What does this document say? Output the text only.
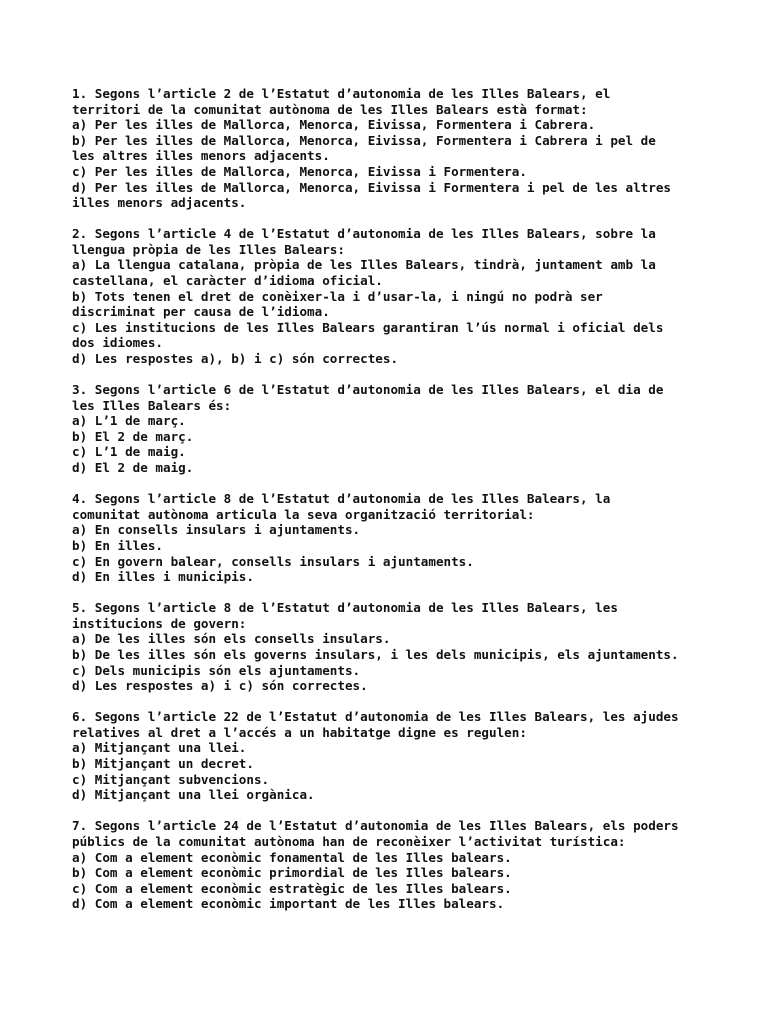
1. Segons l’article 2 de l’Estatut d’autonomia de les Illes Balears, el
territori de la comunitat autònoma de les Illes Balears està format:
a) Per les illes de Mallorca, Menorca, Eivissa, Formentera i Cabrera.
b) Per les illes de Mallorca, Menorca, Eivissa, Formentera i Cabrera i pel de
les altres illes menors adjacents.
c) Per les illes de Mallorca, Menorca, Eivissa i Formentera.
d) Per les illes de Mallorca, Menorca, Eivissa i Formentera i pel de les altres
illes menors adjacents.
2. Segons l’article 4 de l’Estatut d’autonomia de les Illes Balears, sobre la
llengua pròpia de les Illes Balears:
a) La llengua catalana, pròpia de les Illes Balears, tindrà, juntament amb la
castellana, el caràcter d’idioma oficial.
b) Tots tenen el dret de conèixer-la i d’usar-la, i ningú no podrà ser
discriminat per causa de l’idioma.
c) Les institucions de les Illes Balears garantiran l’ús normal i oficial dels
dos idiomes.
d) Les respostes a), b) i c) són correctes.
3. Segons l’article 6 de l’Estatut d’autonomia de les Illes Balears, el dia de
les Illes Balears és:
a) L’1 de març.
b) El 2 de març.
c) L’1 de maig.
d) El 2 de maig.
4. Segons l’article 8 de l’Estatut d’autonomia de les Illes Balears, la
comunitat autònoma articula la seva organització territorial:
a) En consells insulars i ajuntaments.
b) En illes.
c) En govern balear, consells insulars i ajuntaments.
d) En illes i municipis.
5. Segons l’article 8 de l’Estatut d’autonomia de les Illes Balears, les
institucions de govern:
a) De les illes són els consells insulars.
b) De les illes són els governs insulars, i les dels municipis, els ajuntaments.
c) Dels municipis són els ajuntaments.
d) Les respostes a) i c) són correctes.
6. Segons l’article 22 de l’Estatut d’autonomia de les Illes Balears, les ajudes
relatives al dret a l’accés a un habitatge digne es regulen:
a) Mitjançant una llei.
b) Mitjançant un decret.
c) Mitjançant subvencions.
d) Mitjançant una llei orgànica.
7. Segons l’article 24 de l’Estatut d’autonomia de les Illes Balears, els poders
públics de la comunitat autònoma han de reconèixer l’activitat turística:
a) Com a element econòmic fonamental de les Illes balears.
b) Com a element econòmic primordial de les Illes balears.
c) Com a element econòmic estratègic de les Illes balears.
d) Com a element econòmic important de les Illes balears.
